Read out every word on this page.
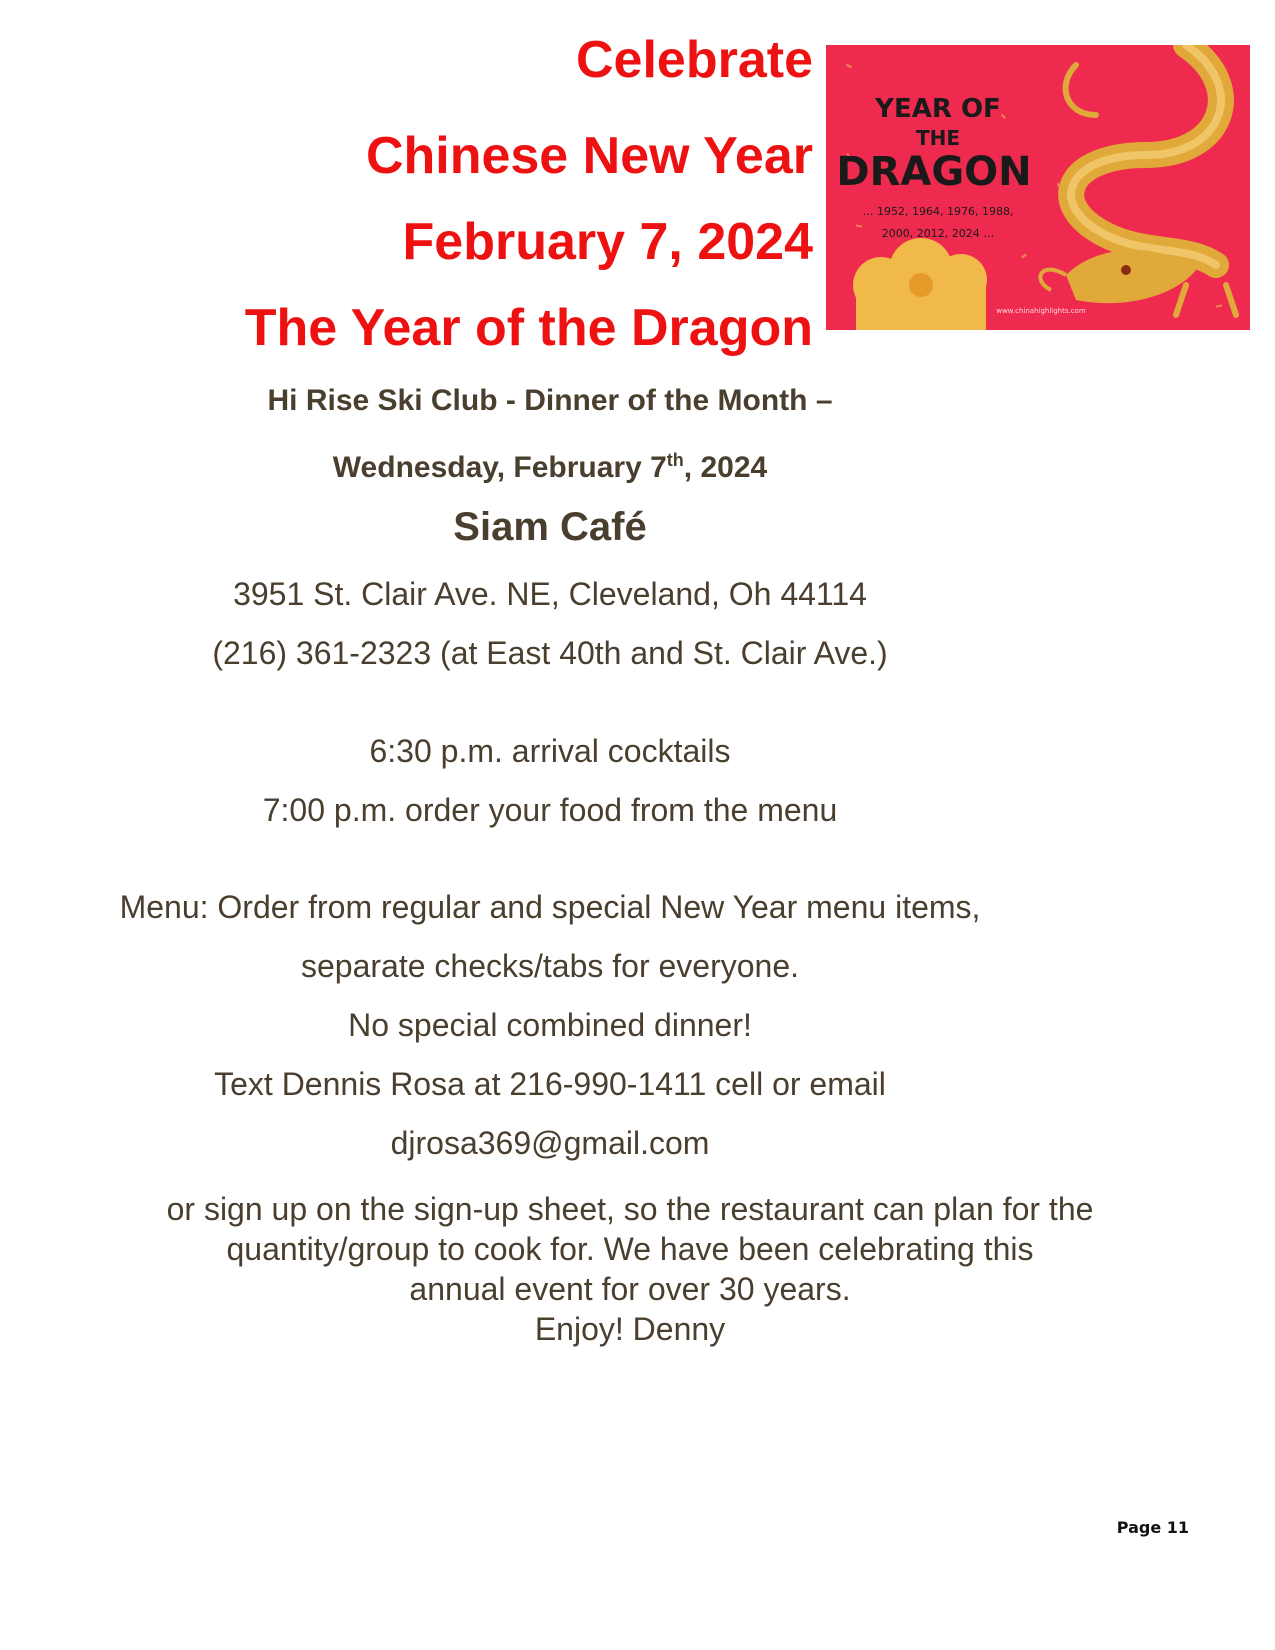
Celebrate
Chinese New Year
February 7, 2024
The Year of the Dragon
YEAR OF
THE
DRAGON
… 1952, 1964, 1976, 1988,
2000, 2012, 2024 …
www.chinahighlights.com

Hi Rise Ski Club - Dinner of the Month –

Wednesday, February 7th, 2024

Siam Café

3951 St. Clair Ave. NE, Cleveland, Oh 44114

(216) 361-2323 (at East 40th and St. Clair Ave.)

6:30 p.m. arrival cocktails

7:00 p.m. order your food from the menu

Menu: Order from regular and special New Year menu items,

separate checks/tabs for everyone.

No special combined dinner!

Text Dennis Rosa at 216-990-1411 cell or email

djrosa369@gmail.com

or sign up on the sign-up sheet, so the restaurant can plan for the
quantity/group to cook for. We have been celebrating this
annual event for over 30 years.
Enjoy! Denny

Page 11
